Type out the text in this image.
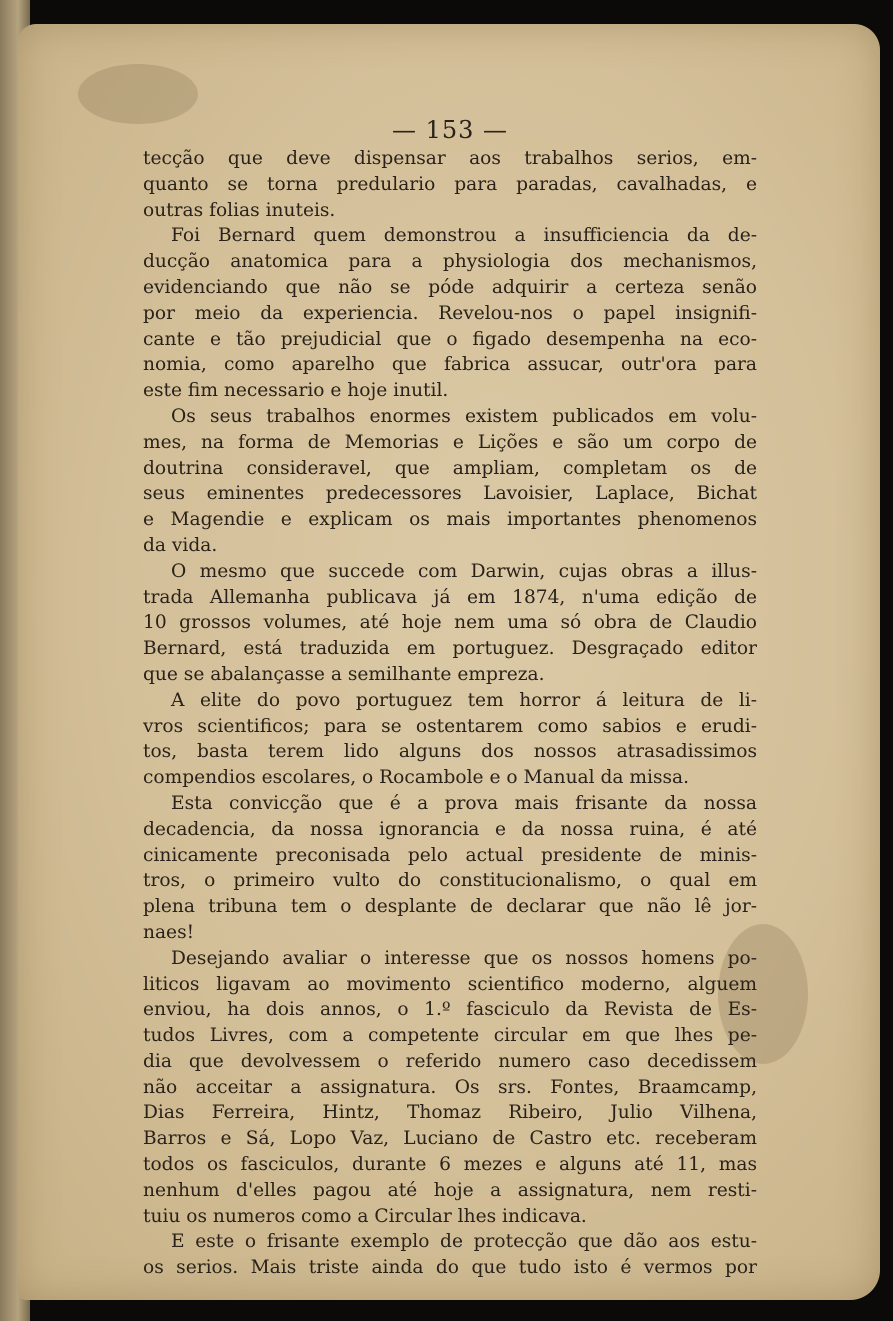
— 153 —
tecção que deve dispensar aos trabalhos serios, em-
quanto se torna predulario para paradas, cavalhadas, e
outras folias inuteis.
Foi Bernard quem demonstrou a insufficiencia da de-
ducção anatomica para a physiologia dos mechanismos,
evidenciando que não se póde adquirir a certeza senão
por meio da experiencia. Revelou-nos o papel insignifi-
cante e tão prejudicial que o figado desempenha na eco-
nomia, como aparelho que fabrica assucar, outr'ora para
este fim necessario e hoje inutil.
Os seus trabalhos enormes existem publicados em volu-
mes, na forma de Memorias e Lições e são um corpo de
doutrina consideravel, que ampliam, completam os de
seus eminentes predecessores Lavoisier, Laplace, Bichat
e Magendie e explicam os mais importantes phenomenos
da vida.
O mesmo que succede com Darwin, cujas obras a illus-
trada Allemanha publicava já em 1874, n'uma edição de
10 grossos volumes, até hoje nem uma só obra de Claudio
Bernard, está traduzida em portuguez. Desgraçado editor
que se abalançasse a semilhante empreza.
A elite do povo portuguez tem horror á leitura de li-
vros scientificos; para se ostentarem como sabios e erudi-
tos, basta terem lido alguns dos nossos atrasadissimos
compendios escolares, o Rocambole e o Manual da missa.
Esta convicção que é a prova mais frisante da nossa
decadencia, da nossa ignorancia e da nossa ruina, é até
cinicamente preconisada pelo actual presidente de minis-
tros, o primeiro vulto do constitucionalismo, o qual em
plena tribuna tem o desplante de declarar que não lê jor-
naes!
Desejando avaliar o interesse que os nossos homens po-
liticos ligavam ao movimento scientifico moderno, alguem
enviou, ha dois annos, o 1.º fasciculo da Revista de Es-
tudos Livres, com a competente circular em que lhes pe-
dia que devolvessem o referido numero caso decedissem
não acceitar a assignatura. Os srs. Fontes, Braamcamp,
Dias Ferreira, Hintz, Thomaz Ribeiro, Julio Vilhena,
Barros e Sá, Lopo Vaz, Luciano de Castro etc. receberam
todos os fasciculos, durante 6 mezes e alguns até 11, mas
nenhum d'elles pagou até hoje a assignatura, nem resti-
tuiu os numeros como a Circular lhes indicava.
E este o frisante exemplo de protecção que dão aos estu-
os serios. Mais triste ainda do que tudo isto é vermos por
